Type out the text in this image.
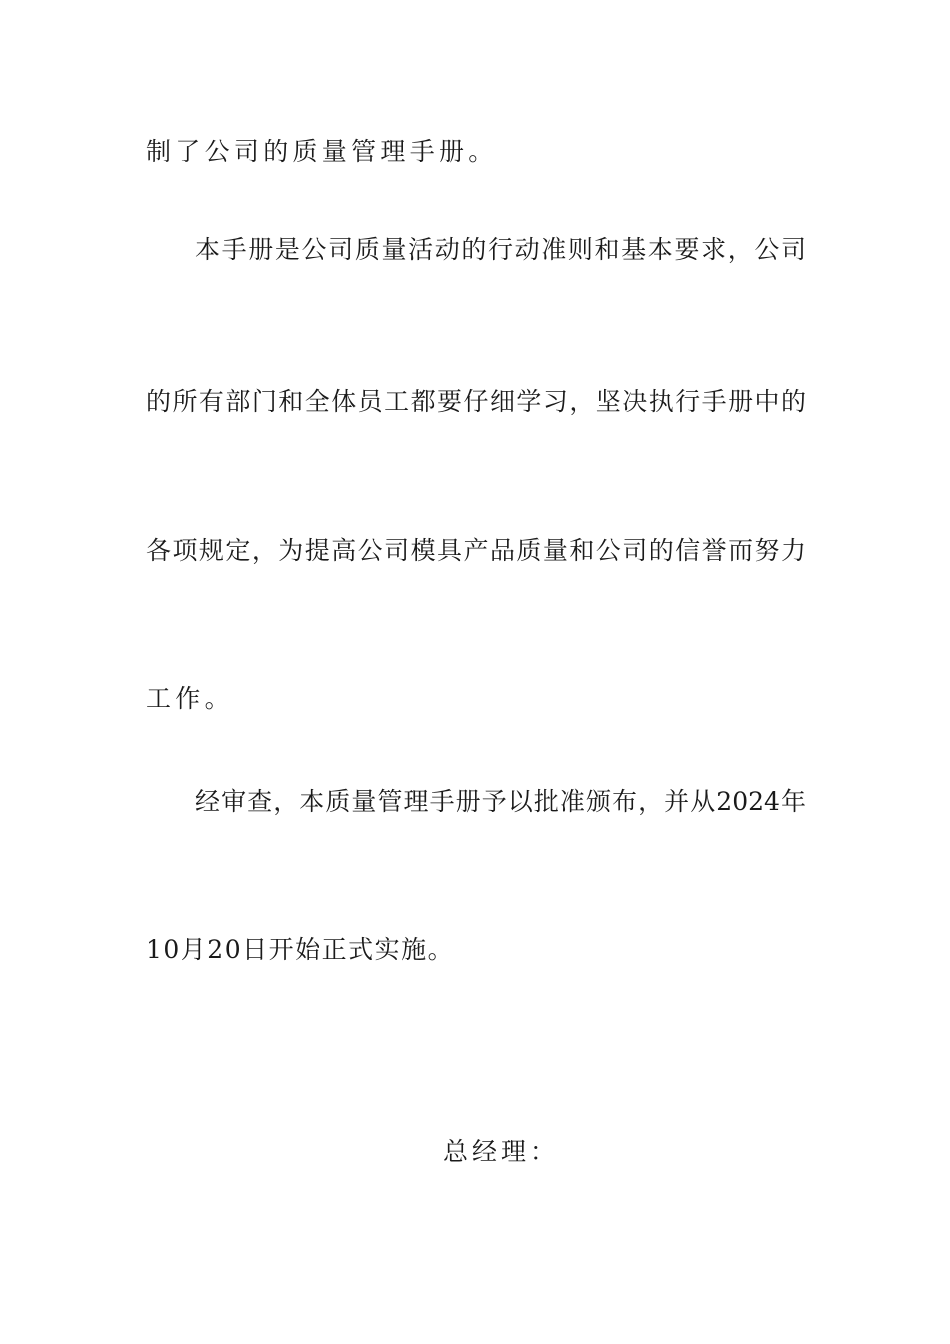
制了公司的质量管理手册。
本手册是公司质量活动的行动准则和基本要求，公司
的所有部门和全体员工都要仔细学习，坚决执行手册中的
各项规定，为提高公司模具产品质量和公司的信誉而努力
工作。
经审查，本质量管理手册予以批准颁布，并从2024年
10月20日开始正式实施。
总经理：
